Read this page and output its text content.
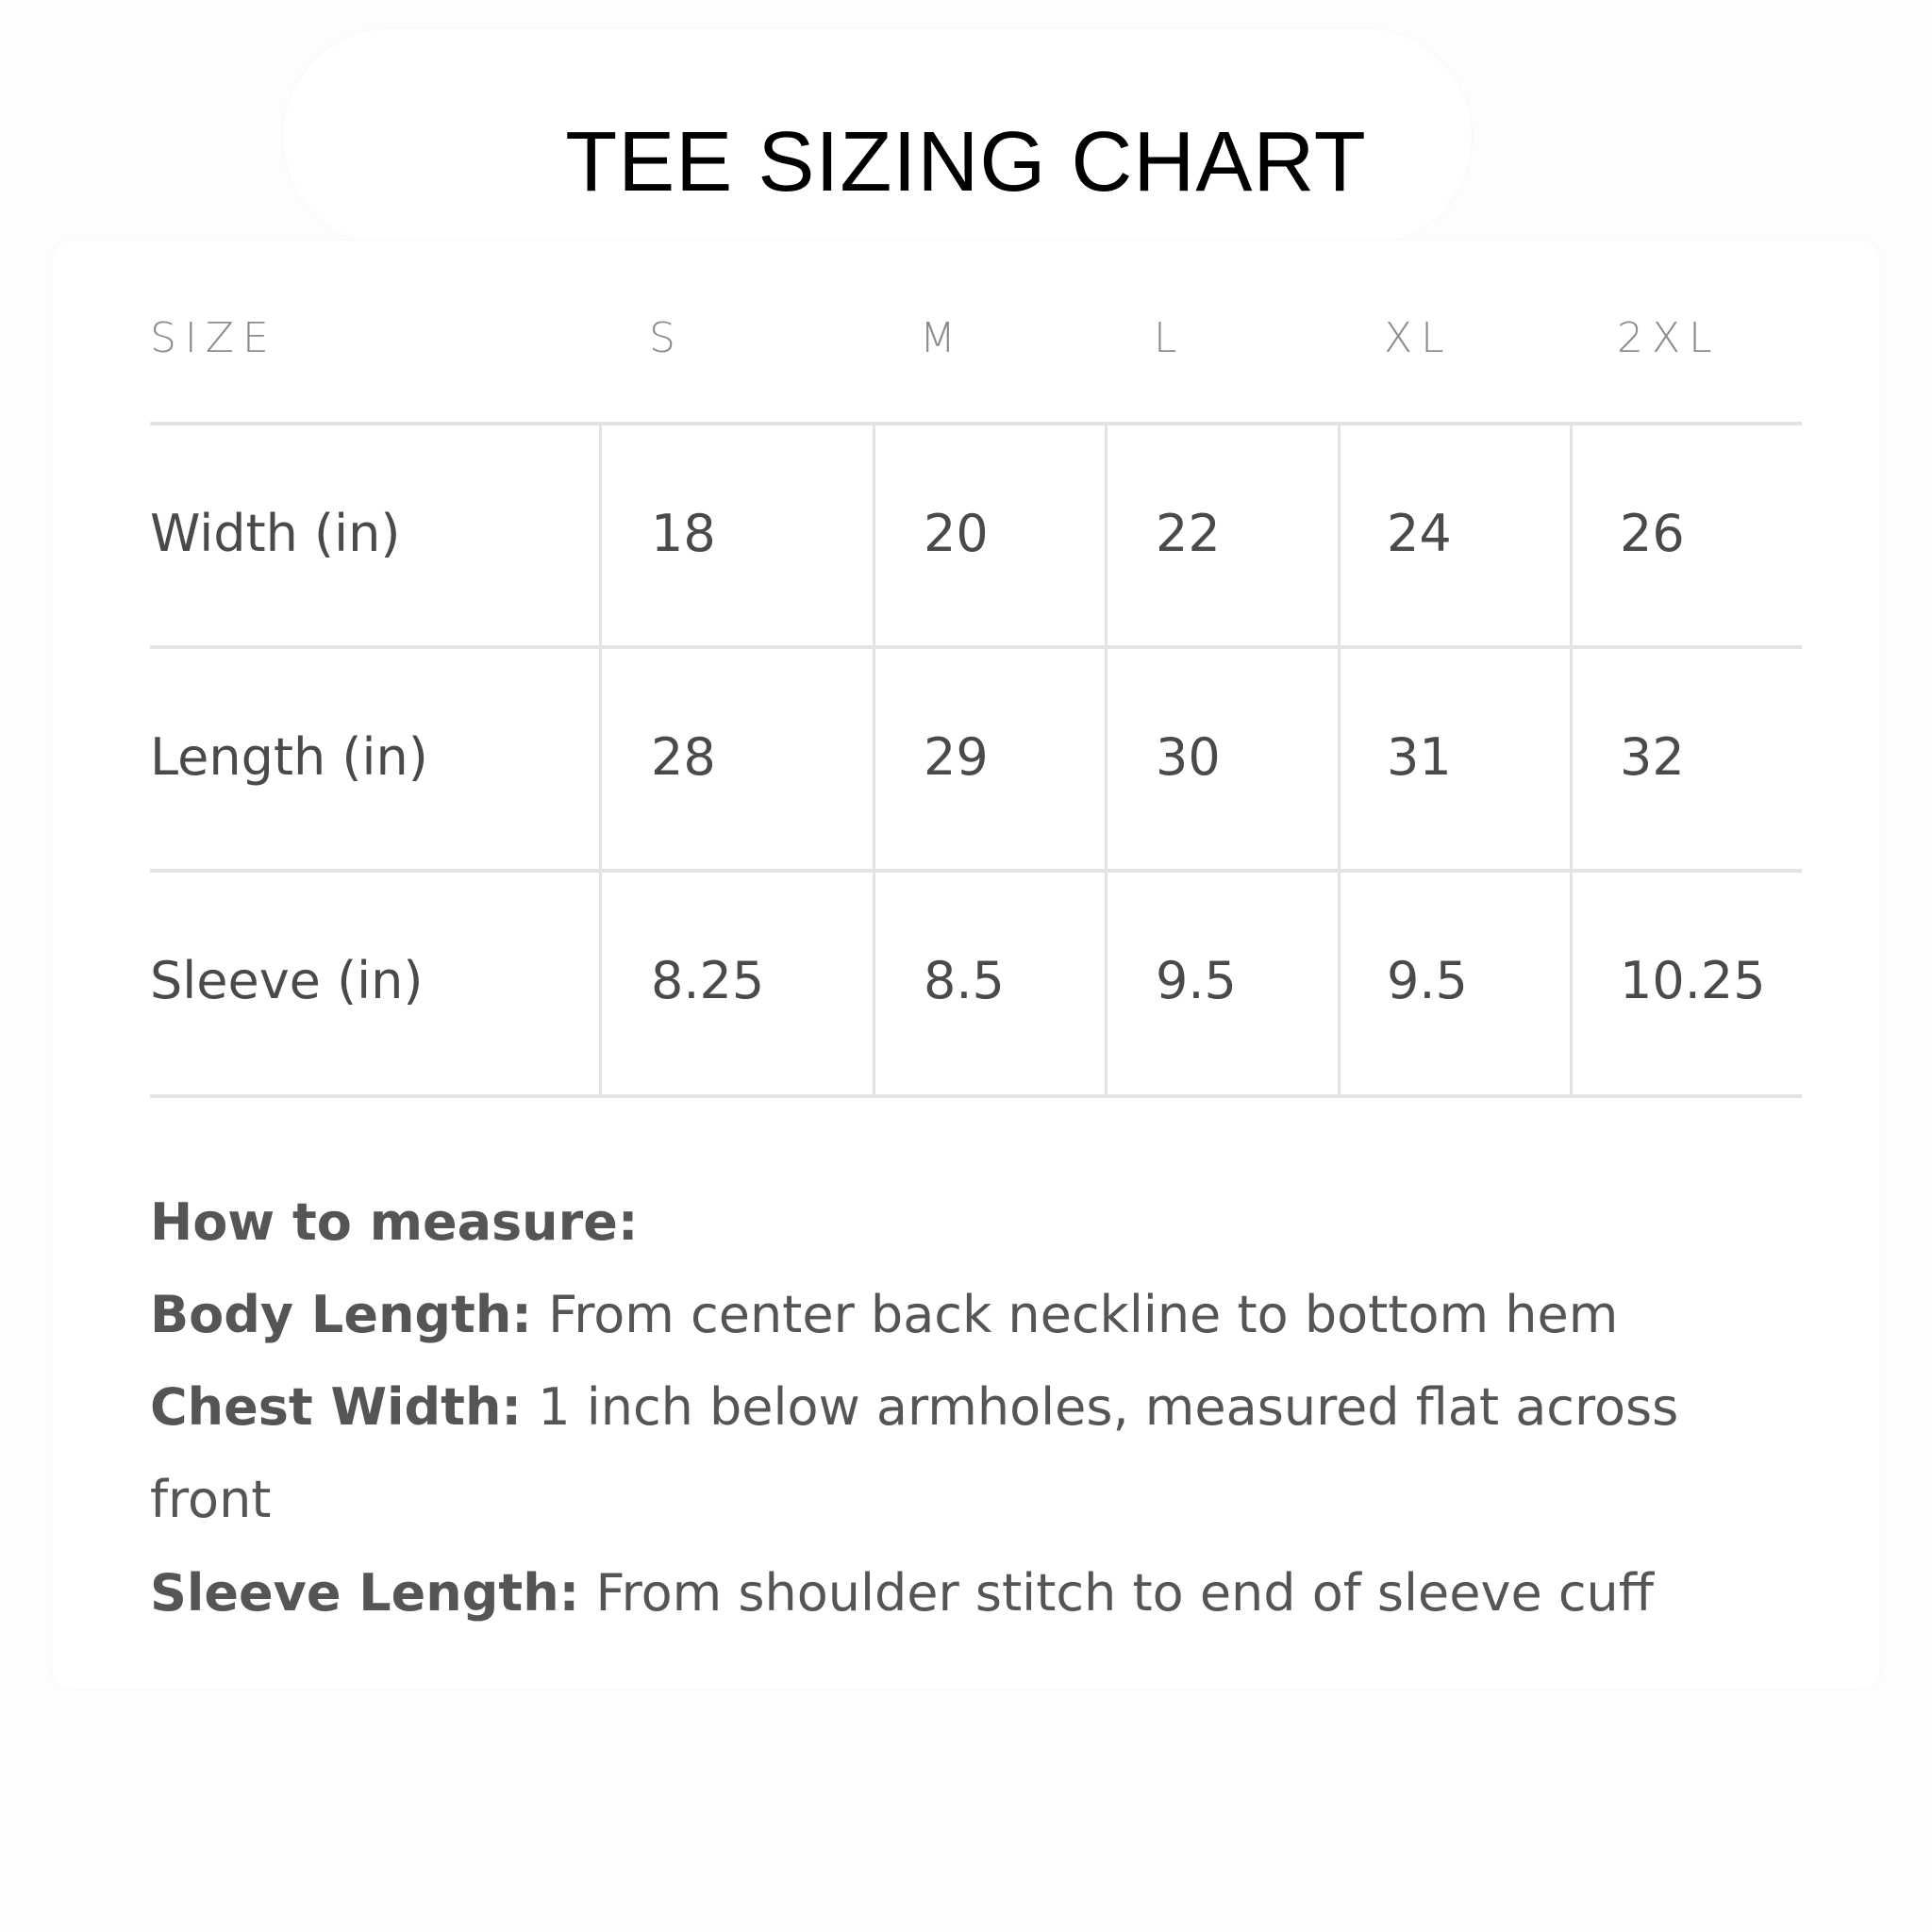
TEE SIZING CHART
SIZE	S	M	L	XL	2XL
Width (in)	18	20	22	24	26
Length (in)	28	29	30	31	32
Sleeve (in)	8.25	8.5	9.5	9.5	10.25
How to measure:
Body Length: From center back neckline to bottom hem
Chest Width: 1 inch below armholes, measured flat across
front
Sleeve Length: From shoulder stitch to end of sleeve cuff
